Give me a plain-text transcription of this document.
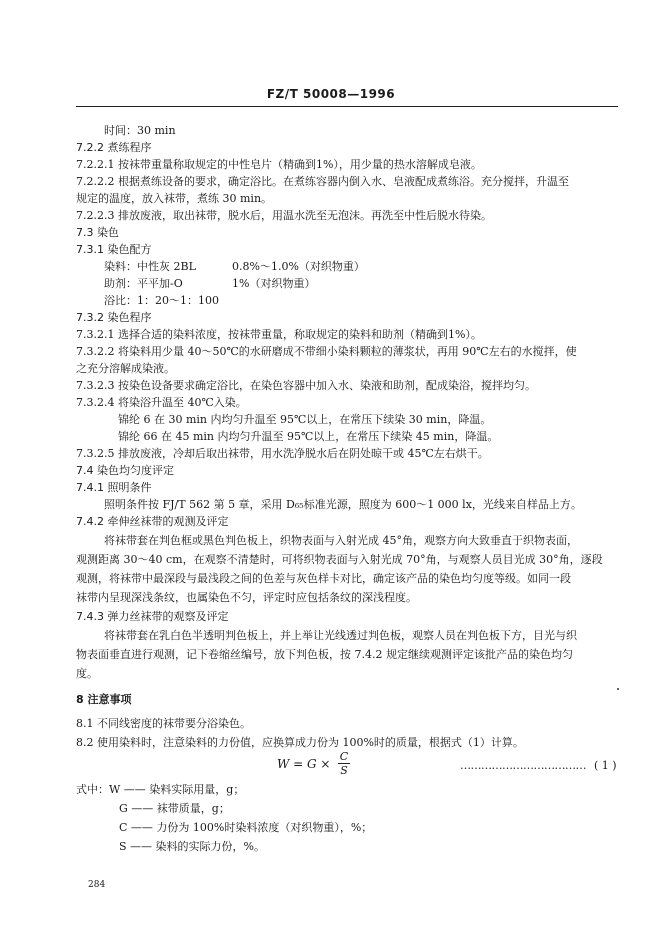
FZ/T 50008—1996
时间：30 min
7.2.2 煮练程序
7.2.2.1 按袜带重量称取规定的中性皂片（精确到1%），用少量的热水溶解成皂液。
7.2.2.2 根据煮练设备的要求，确定浴比。在煮练容器内倒入水、皂液配成煮练浴。充分搅拌，升温至
规定的温度，放入袜带，煮练 30 min。
7.2.2.3 排放废液，取出袜带，脱水后，用温水洗至无泡沫。再洗至中性后脱水待染。
7.3 染色
7.3.1 染色配方
染料：中性灰 2BL	0.8%～1.0%（对织物重）
助剂：平平加-O	1%（对织物重）
浴比：1：20～1：100
7.3.2 染色程序
7.3.2.1 选择合适的染料浓度，按袜带重量，称取规定的染料和助剂（精确到1%）。
7.3.2.2 将染料用少量 40～50℃的水研磨成不带细小染料颗粒的薄浆状，再用 90℃左右的水搅拌，使
之充分溶解成染液。
7.3.2.3 按染色设备要求确定浴比，在染色容器中加入水、染液和助剂，配成染浴，搅拌均匀。
7.3.2.4 将染浴升温至 40℃入染。
锦纶 6 在 30 min 内均匀升温至 95℃以上，在常压下续染 30 min，降温。
锦纶 66 在 45 min 内均匀升温至 95℃以上，在常压下续染 45 min，降温。
7.3.2.5 排放废液，冷却后取出袜带，用水洗净脱水后在阴处晾干或 45℃左右烘干。
7.4 染色均匀度评定
7.4.1 照明条件
照明条件按 FJ/T 562 第 5 章，采用 D₆₅标准光源，照度为 600～1 000 lx，光线来自样品上方。
7.4.2 牵伸丝袜带的观测及评定
将袜带套在判色框或黑色判色板上，织物表面与入射光成 45°角，观察方向大致垂直于织物表面，
观测距离 30～40 cm，在观察不清楚时，可将织物表面与入射光成 70°角，与观察人员目光成 30°角，逐段
观测，将袜带中最深段与最浅段之间的色差与灰色样卡对比，确定该产品的染色均匀度等级。如同一段
袜带内呈现深浅条纹，也属染色不匀，评定时应包括条纹的深浅程度。
7.4.3 弹力丝袜带的观察及评定
将袜带套在乳白色半透明判色板上，并上举让光线透过判色板，观察人员在判色板下方，目光与织
物表面垂直进行观测，记下卷缩丝编号，放下判色板，按 7.4.2 规定继续观测评定该批产品的染色均匀
度。
8 注意事项
8.1 不同线密度的袜带要分浴染色。
8.2 使用染料时，注意染料的力份值，应换算成力份为 100%时的质量，根据式（1）计算。
W = G ×
C
S	……………………………… ( 1 )
式中：W —— 染料实际用量，g；
G —— 袜带质量，g；
C —— 力份为 100%时染料浓度（对织物重），%；
S —— 染料的实际力份，%。
284
